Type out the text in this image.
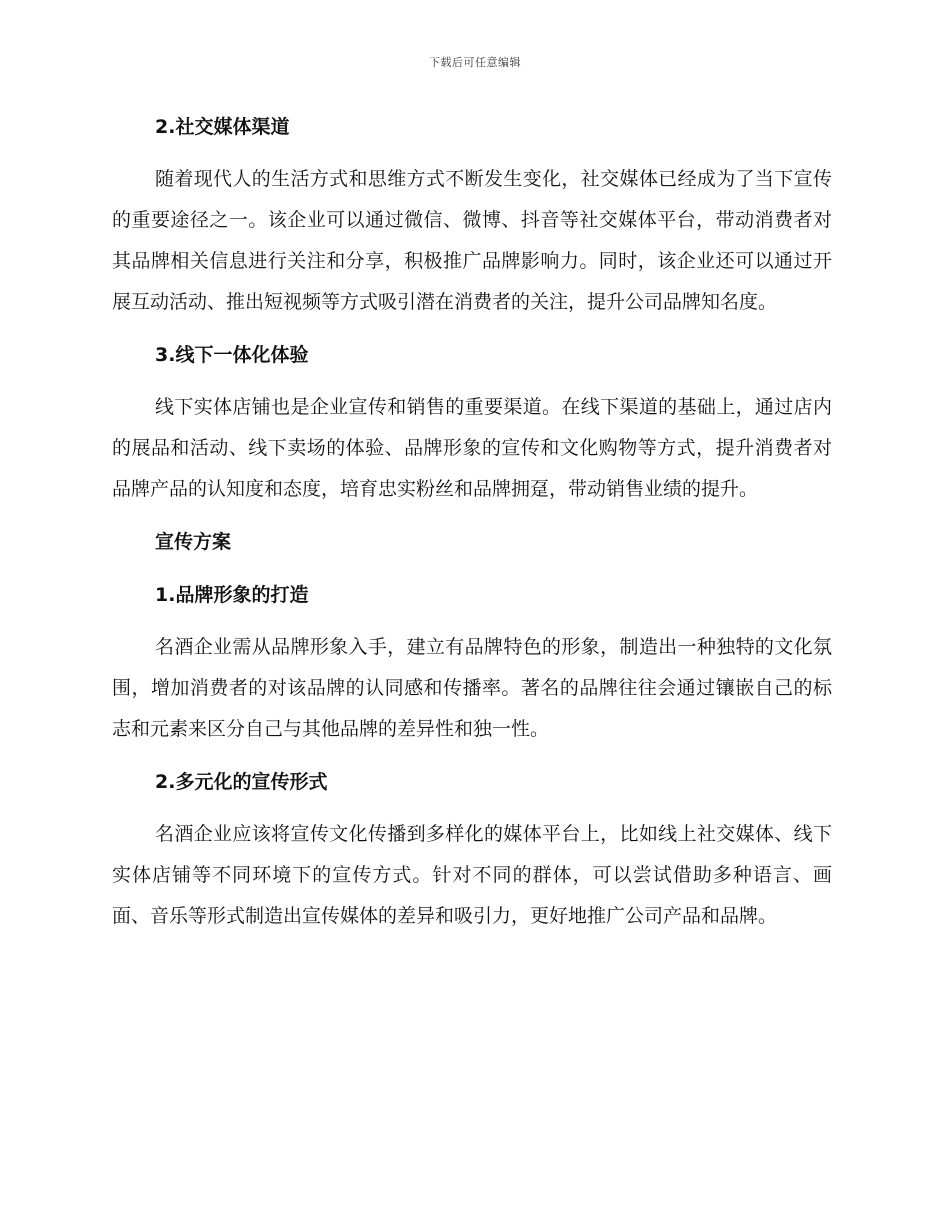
下载后可任意编辑
2.社交媒体渠道

随着现代人的生活方式和思维方式不断发生变化，社交媒体已经成为了当下宣传的重要途径之一。该企业可以通过微信、微博、抖音等社交媒体平台，带动消费者对其品牌相关信息进行关注和分享，积极推广品牌影响力。同时，该企业还可以通过开展互动活动、推出短视频等方式吸引潜在消费者的关注，提升公司品牌知名度。

3.线下一体化体验

线下实体店铺也是企业宣传和销售的重要渠道。在线下渠道的基础上，通过店内的展品和活动、线下卖场的体验、品牌形象的宣传和文化购物等方式，提升消费者对品牌产品的认知度和态度，培育忠实粉丝和品牌拥趸，带动销售业绩的提升。

宣传方案
1.品牌形象的打造

名酒企业需从品牌形象入手，建立有品牌特色的形象，制造出一种独特的文化氛围，增加消费者的对该品牌的认同感和传播率。著名的品牌往往会通过镶嵌自己的标志和元素来区分自己与其他品牌的差异性和独一性。

2.多元化的宣传形式

名酒企业应该将宣传文化传播到多样化的媒体平台上，比如线上社交媒体、线下实体店铺等不同环境下的宣传方式。针对不同的群体，可以尝试借助多种语言、画面、音乐等形式制造出宣传媒体的差异和吸引力，更好地推广公司产品和品牌。
